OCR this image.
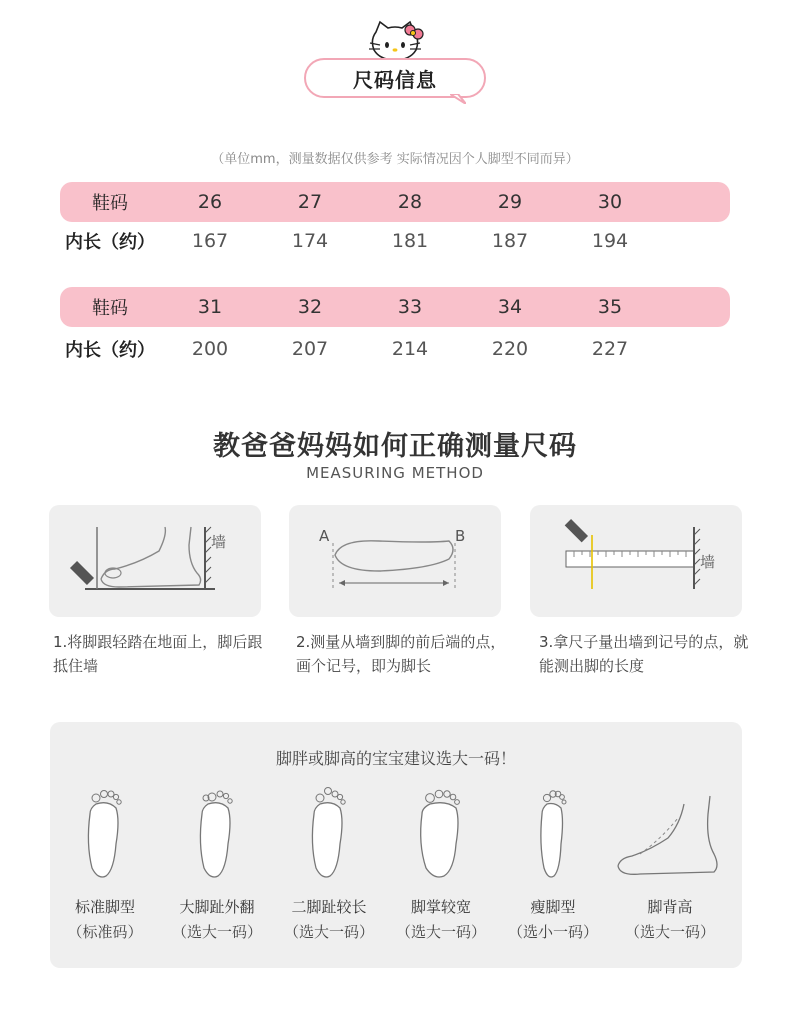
尺码信息
（单位mm，测量数据仅供参考 实际情况因个人脚型不同而异）
鞋码	26	27	28	29	30
内长（约）	167	174	181	187	194
鞋码	31	32	33	34	35
内长（约）	200	207	214	220	227
教爸爸妈妈如何正确测量尺码
MEASURING METHOD
墙
1.将脚跟轻踏在地面上，脚后跟抵住墙
A	B
2.测量从墙到脚的前后端的点，画个记号，即为脚长
墙
3.拿尺子量出墙到记号的点，就能测出脚的长度
脚胖或脚高的宝宝建议选大一码！
标准脚型
（标准码）
大脚趾外翻
（选大一码）
二脚趾较长
（选大一码）
脚掌较宽
（选大一码）
瘦脚型
（选小一码）
脚背高
（选大一码）
